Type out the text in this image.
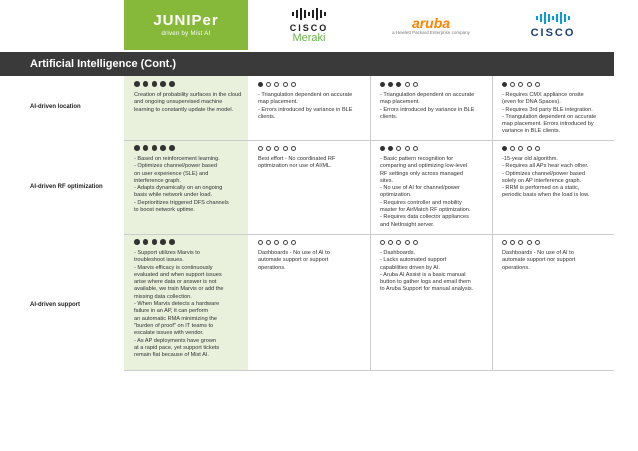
JUNIPer
driven by Mist AI
CISCO
Meraki
aruba
a Hewlett Packard Enterprise company	CISCO
Artificial Intelligence (Cont.)
AI-driven location
Creation of probability surfaces in the cloud and ongoing unsupervised machine learning to constantly update the model.
- Triangulation dependent on accurate
map placement.
- Errors introduced by variance in BLE
clients.
- Triangulation dependent on accurate
map placement.
- Errors introduced by variance in BLE
clients.
- Requires CMX appliance onsite
(even for DNA Spaces).
- Requires 3rd party BLE integration.
- Triangulation dependent on accurate
map placement. Errors introduced by
variance in BLE clients.
AI-driven RF optimization
- Based on reinforcement learning.
- Optimizes channel/power based
on user experience (SLE) and
interference graph.
- Adapts dynamically on an ongoing
basis while network under load.
- Deprioritizes triggered DFS channels
to boost network uptime.
Best effort - No coordinated RF
optimization nor use of AI/ML.
- Basic pattern recognition for
comparing and optimizing low-level
RF settings only across managed
sites.
- No use of AI for channel/power
optimization.
- Requires controller and mobility
master for AirMatch RF optimization.
- Requires data collector appliances
and NetInsight server.
-15-year old algorithm.
- Requires all APs hear each other.
- Optimizes channel/power based
solely on AP interference graph.
- RRM is performed on a static,
periodic basis when the load is low.
AI-driven support
- Support utilizes Marvis to
troubleshoot issues.
- Marvis efficacy is continuously
evaluated and when support issues
arise where data or answer is not
available, we train Marvis or add the
missing data collection.
- When Marvis detects a hardware
failure in an AP, it can perform
an automatic RMA minimizing the
"burden of proof" on IT teams to
escalate issues with vendor.
- As AP deployments have grown
at a rapid pace, yet support tickets
remain flat because of Mist AI.
Dashboards - No use of AI to
automate support or support
operations.
- Dashboards.
- Lacks automated support
capabilities driven by AI.
- Aruba AI Assist is a basic manual
button to gather logs and email them
to Aruba Support for manual analysis.
Dashboards - No use of AI to
automate support nor support
operations.
